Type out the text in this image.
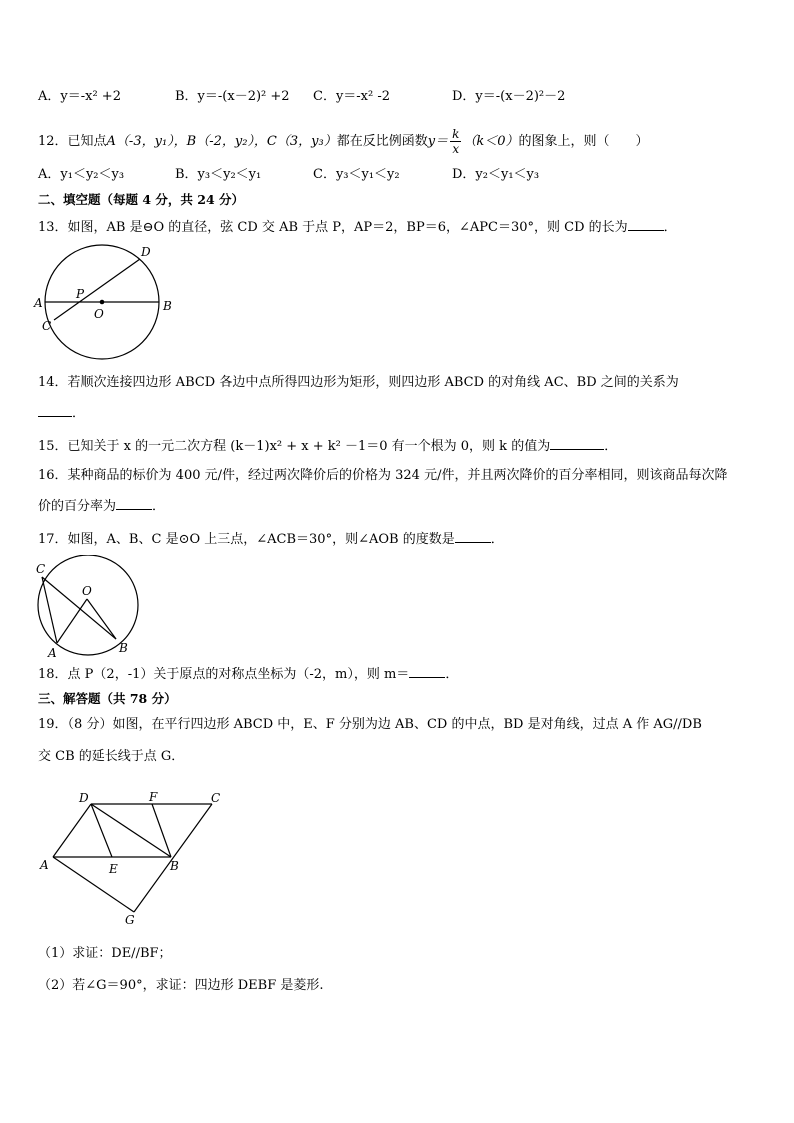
A．y＝-x² +2	B．y＝-(x－2)² +2 C．y＝-x² -2	D．y＝-(x－2)²－2
12．已知点A（-3，y₁），B（-2，y₂），C（3，y₃）都在反比例函数$y= \frac{k}{x} (k<0)$的图象上，则（　　）
A．y₁＜y₂＜y₃	B．y₃＜y₂＜y₁	C．y₃＜y₁＜y₂	D．y₂＜y₁＜y₃
二、填空题（每题 4 分，共 24 分）
13．如图，AB 是⊖O 的直径，弦 CD 交 AB 于点 P，AP＝2，BP＝6，∠APC＝30°，则 CD 的长为	．
A	B
C
D
P
O
14．若顺次连接四边形 ABCD 各边中点所得四边形为矩形，则四边形 ABCD 的对角线 AC、BD 之间的关系为
．
15．已知关于 x 的一元二次方程 (k－1)x² + x + k² －1＝0 有一个根为 0，则 k 的值为	．
16．某种商品的标价为 400 元/件，经过两次降价后的价格为 324 元/件，并且两次降价的百分率相同，则该商品每次降
价的百分率为	．
17．如图，A、B、C 是⊙O 上三点，∠ACB＝30°，则∠AOB 的度数是	．
C
O
A	B
18．点 P（2，-1）关于原点的对称点坐标为（-2，m），则 m＝	．
三、解答题（共 78 分）
19．（8 分）如图，在平行四边形 ABCD 中，E、F 分别为边 AB、CD 的中点，BD 是对角线，过点 A 作 AG//DB
交 CB 的延长线于点 G．
D	F	C
A	E	B
G
（1）求证：DE//BF；
（2）若∠G＝90°，求证：四边形 DEBF 是菱形.
